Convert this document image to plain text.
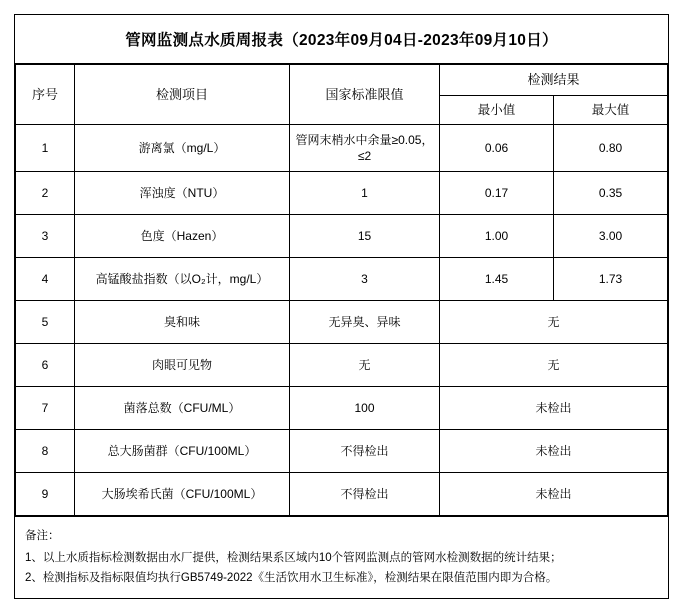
管网监测点水质周报表（2023年09月04日-2023年09月10日）
序号	检测项目	国家标准限值	检测结果	
			最小值	最大值
1	游离氯（mg/L）	管网末梢水中余量≥0.05，≤2	0.06	0.80
2	浑浊度（NTU）	1	0.17	0.35
3	色度（Hazen）	15	1.00	3.00
4	高锰酸盐指数（以O₂计，mg/L）	3	1.45	1.73
5	臭和味	无异臭、异味	无	
6	肉眼可见物	无	无	
7	菌落总数（CFU/ML）	100	未检出	
8	总大肠菌群（CFU/100ML）	不得检出	未检出	
9	大肠埃希氏菌（CFU/100ML）	不得检出	未检出	
备注：
1、以上水质指标检测数据由水厂提供，检测结果系区域内10个管网监测点的管网水检测数据的统计结果；
2、检测指标及指标限值均执行GB5749-2022《生活饮用水卫生标准》，检测结果在限值范围内即为合格。
